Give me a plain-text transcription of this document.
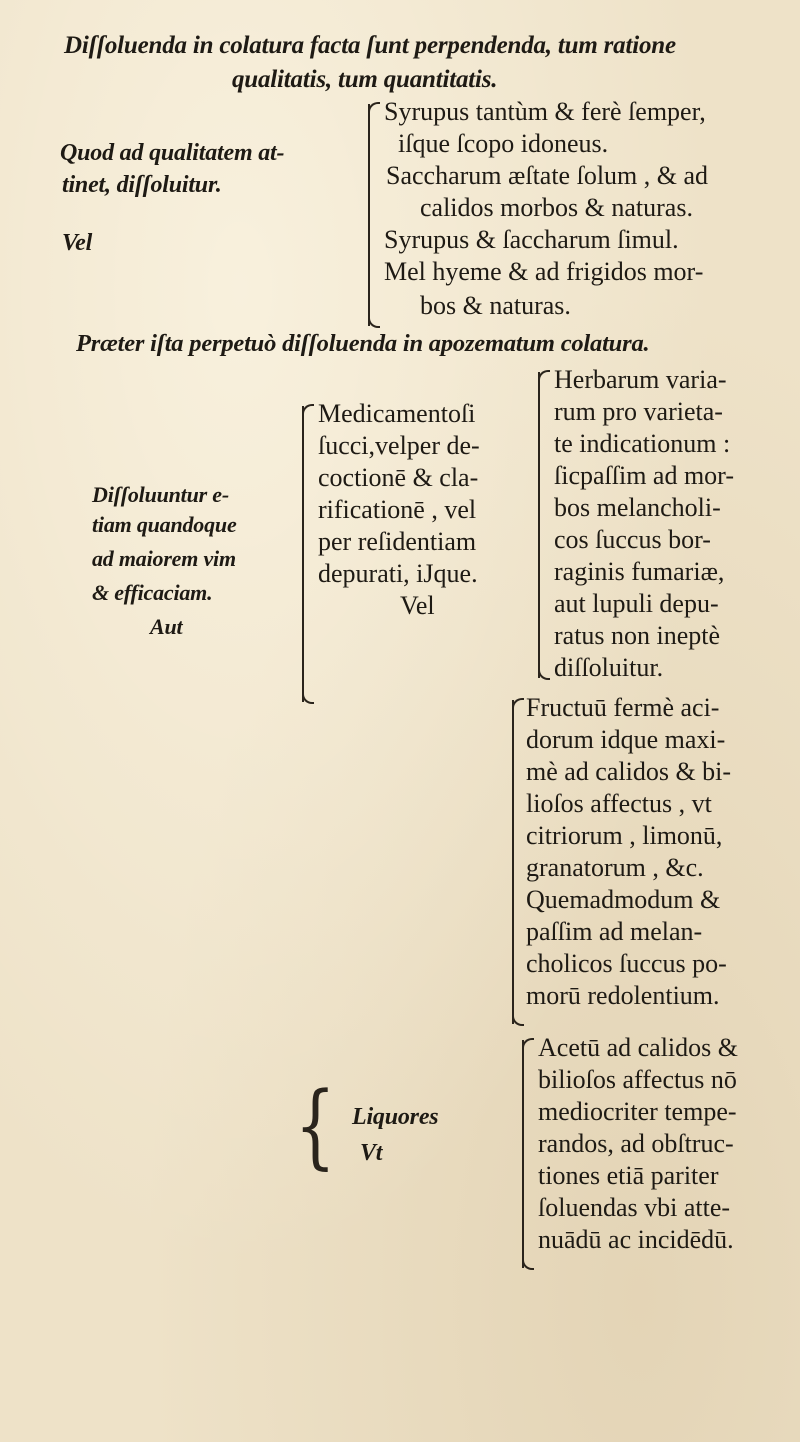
Diſſoluenda in colatura facta ſunt perpendenda, tum ratione
qualitatis, tum quantitatis.
Quod ad qualitatem at-
tinet, diſſoluitur.
Vel
Syrupus tantùm & ferè ſemper,
iſque ſcopo idoneus.
Saccharum æſtate ſolum , & ad
calidos morbos & naturas.
Syrupus & ſaccharum ſimul.
Mel hyeme & ad frigidos mor-
bos & naturas.
Præter iſta perpetuò diſſoluenda in apozematum colatura.
Diſſoluuntur e-
tiam quandoque
ad maiorem vim
& efficaciam.
Aut
Medicamentoſi
ſucci,velper de-
coctionē & cla-
rificationē , vel
per reſidentiam
depurati, iJque.
Vel
Herbarum varia-
rum pro varieta-
te indicationum :
ſicpaſſim ad mor-
bos melancholi-
cos ſuccus bor-
raginis fumariæ,
aut lupuli depu-
ratus non ineptè
diſſoluitur.
Fructuū fermè aci-
dorum idque maxi-
mè ad calidos & bi-
lioſos affectus , vt
citriorum , limonū,
granatorum , &c.
Quemadmodum &
paſſim ad melan-
cholicos ſuccus po-
morū redolentium.
{ Liquores
Vt
Acetū ad calidos &
bilioſos affectus nō
mediocriter tempe-
randos, ad obſtruc-
tiones etiā pariter
ſoluendas vbi atte-
nuādū ac incidēdū.
